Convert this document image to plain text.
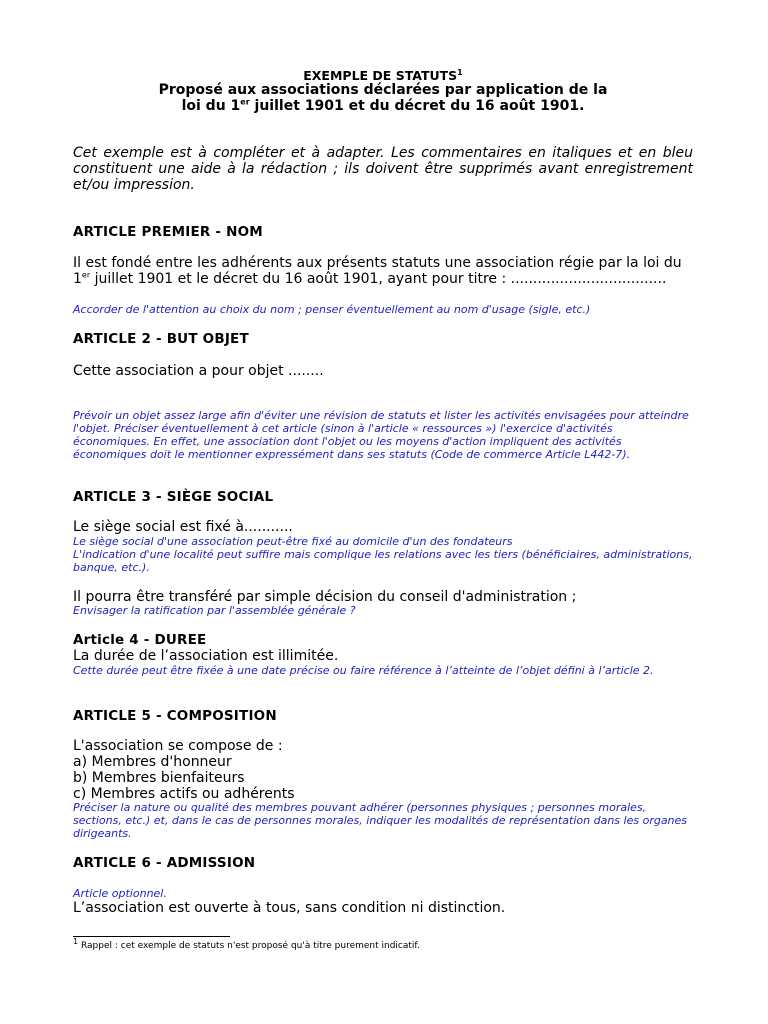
EXEMPLE DE STATUTS$^1$
Proposé aux associations déclarées par application de la
loi du 1er juillet 1901 et du décret du 16 août 1901.
Cet exemple est à compléter et à adapter. Les commentaires en italiques et en bleu constituent une aide à la rédaction ; ils doivent être supprimés avant enregistrement et/ou impression.
ARTICLE PREMIER - NOM
Il est fondé entre les adhérents aux présents statuts une association régie par la loi du
1er juillet 1901 et le décret du 16 août 1901, ayant pour titre : ...................................
Accorder de l'attention au choix du nom ; penser éventuellement au nom d'usage (sigle, etc.)
ARTICLE 2 - BUT OBJET
Cette association a pour objet ........
Prévoir un objet assez large afin d'éviter une révision de statuts et lister les activités envisagées pour atteindre l'objet. Préciser éventuellement à cet article (sinon à l'article « ressources ») l'exercice d'activités économiques. En effet, une association dont l'objet ou les moyens d'action impliquent des activités économiques doit le mentionner expressément dans ses statuts (Code de commerce Article L442-7).
ARTICLE 3 - SIÈGE SOCIAL
Le siège social est fixé à...........
Le siège social d'une association peut-être fixé au domicile d'un des fondateurs
L'indication d'une localité peut suffire mais complique les relations avec les tiers (bénéficiaires, administrations, banque, etc.).
Il pourra être transféré par simple décision du conseil d'administration ;
Envisager la ratification par l'assemblée générale ?
Article 4 - DUREE
La durée de l’association est illimitée.
Cette durée peut être fixée à une date précise ou faire référence à l’atteinte de l’objet défini à l’article 2.
ARTICLE 5 - COMPOSITION
L'association se compose de :
a) Membres d'honneur
b) Membres bienfaiteurs
c) Membres actifs ou adhérents
Préciser la nature ou qualité des membres pouvant adhérer (personnes physiques ; personnes morales, sections, etc.) et, dans le cas de personnes morales, indiquer les modalités de représentation dans les organes dirigeants.
ARTICLE 6 - ADMISSION
Article optionnel.
L’association est ouverte à tous, sans condition ni distinction.
$^1$ Rappel : cet exemple de statuts n'est proposé qu'à titre purement indicatif.
